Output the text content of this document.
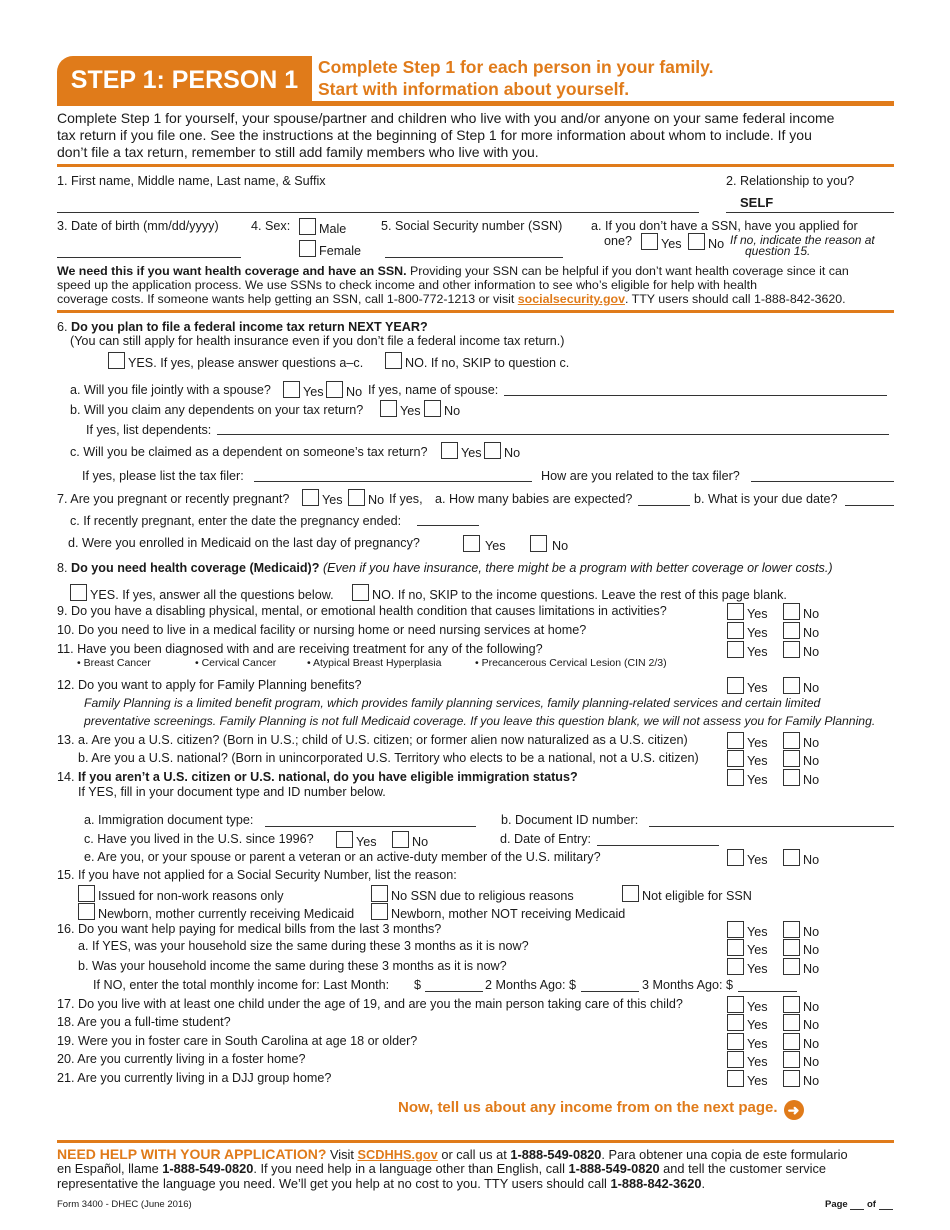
STEP 1: PERSON 1	Complete Step 1 for each person in your family.
Start with information about yourself.
Complete Step 1 for yourself, your spouse/partner and children who live with you and/or anyone on your same federal income
tax return if you file one. See the instructions at the beginning of Step 1 for more information about whom to include. If you
don’t file a tax return, remember to still add family members who live with you.
1. First name, Middle name, Last name, & Suffix	2. Relationship to you?
SELF
3. Date of birth (mm/dd/yyyy)	4. Sex:	Male
Female
5. Social Security number (SSN) a. If you don’t have a SSN, have you applied for
one?	Yes	No If no, indicate the reason at
question 15.
We need this if you want health coverage and have an SSN. Providing your SSN can be helpful if you don’t want health coverage since it can
speed up the application process. We use SSNs to check income and other information to see who’s eligible for help with health
coverage costs. If someone wants help getting an SSN, call 1-800-772-1213 or visit socialsecurity.gov. TTY users should call 1-888-842-3620.
6. Do you plan to file a federal income tax return NEXT YEAR?
(You can still apply for health insurance even if you don’t file a federal income tax return.)
YES. If yes, please answer questions a–c.	NO. If no, SKIP to question c.
a. Will you file jointly with a spouse?	Yes	No If yes, name of spouse:
b. Will you claim any dependents on your tax return?	Yes	No
If yes, list dependents:
c. Will you be claimed as a dependent on someone’s tax return?	Yes	No
If yes, please list the tax filer:	How are you related to the tax filer?
7. Are you pregnant or recently pregnant?	Yes	No If yes, a. How many babies are expected?	b. What is your due date?
c. If recently pregnant, enter the date the pregnancy ended:
d. Were you enrolled in Medicaid on the last day of pregnancy?	Yes	No
8. Do you need health coverage (Medicaid)? (Even if you have insurance, there might be a program with better coverage or lower costs.)
YES. If yes, answer all the questions below.	NO. If no, SKIP to the income questions. Leave the rest of this page blank.
9. Do you have a disabling physical, mental, or emotional health condition that causes limitations in activities?	Yes	No
10. Do you need to live in a medical facility or nursing home or need nursing services at home?	Yes	No
11. Have you been diagnosed with and are receiving treatment for any of the following?	Yes	No
• Breast Cancer	• Cervical Cancer	• Atypical Breast Hyperplasia	• Precancerous Cervical Lesion (CIN 2/3)
12. Do you want to apply for Family Planning benefits?	Yes	No
Family Planning is a limited benefit program, which provides family planning services, family planning-related services and certain limited
preventative screenings. Family Planning is not full Medicaid coverage. If you leave this question blank, we will not assess you for Family Planning.
13. a. Are you a U.S. citizen? (Born in U.S.; child of U.S. citizen; or former alien now naturalized as a U.S. citizen)	Yes	No
b. Are you a U.S. national? (Born in unincorporated U.S. Territory who elects to be a national, not a U.S. citizen)	Yes	No
14. If you aren’t a U.S. citizen or U.S. national, do you have eligible immigration status?	Yes	No
If YES, fill in your document type and ID number below.
a. Immigration document type:	b. Document ID number:
c. Have you lived in the U.S. since 1996?	Yes	No	d. Date of Entry:
e. Are you, or your spouse or parent a veteran or an active-duty member of the U.S. military?	Yes	No
15. If you have not applied for a Social Security Number, list the reason:
Issued for non-work reasons only	No SSN due to religious reasons	Not eligible for SSN
Newborn, mother currently receiving Medicaid	Newborn, mother NOT receiving Medicaid
16. Do you want help paying for medical bills from the last 3 months?	Yes	No
a. If YES, was your household size the same during these 3 months as it is now?	Yes	No
b. Was your household income the same during these 3 months as it is now?	Yes	No
If NO, enter the total monthly income for: Last Month: $	2 Months Ago: $	3 Months Ago: $
17. Do you live with at least one child under the age of 19, and are you the main person taking care of this child?	Yes	No
18. Are you a full-time student?	Yes	No
19. Were you in foster care in South Carolina at age 18 or older?	Yes	No
20. Are you currently living in a foster home?	Yes	No
21. Are you currently living in a DJJ group home?	Yes	No
Now, tell us about any income from on the next page. ➜
NEED HELP WITH YOUR APPLICATION? Visit SCDHHS.gov or call us at 1-888-549-0820. Para obtener una copia de este formulario
en Español, llame 1-888-549-0820. If you need help in a language other than English, call 1-888-549-0820 and tell the customer service
representative the language you need. We’ll get you help at no cost to you. TTY users should call 1-888-842-3620.
Form 3400 - DHEC (June 2016)	Page of
